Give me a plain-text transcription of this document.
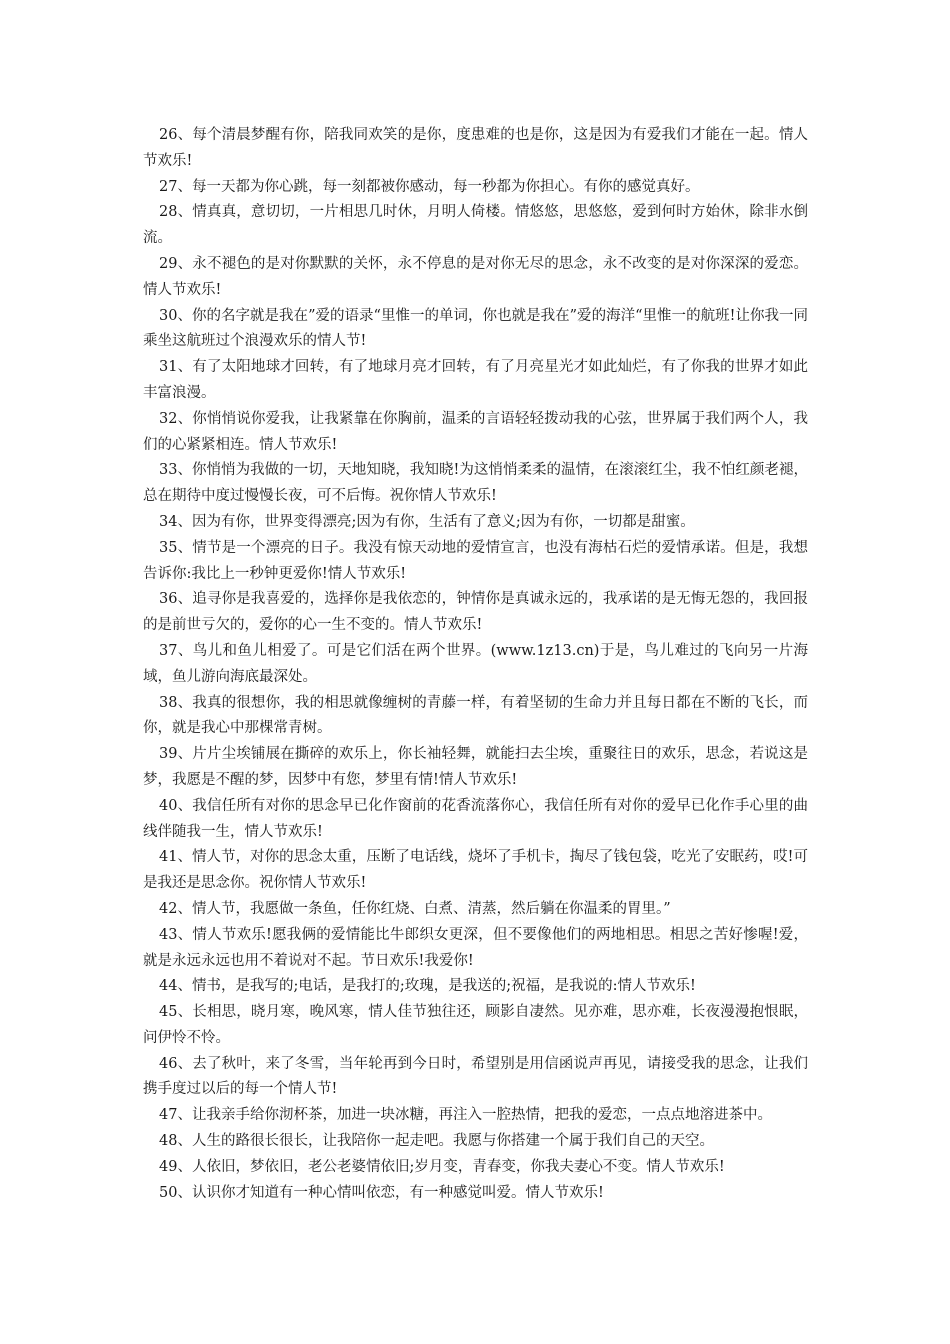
26、每个清晨梦醒有你，陪我同欢笑的是你，度患难的也是你，这是因为有爱我们才能在一起。情人节欢乐!

27、每一天都为你心跳，每一刻都被你感动，每一秒都为你担心。有你的感觉真好。

28、情真真，意切切，一片相思几时休，月明人倚楼。情悠悠，思悠悠，爱到何时方始休，除非水倒流。

29、永不褪色的是对你默默的关怀，永不停息的是对你无尽的思念，永不改变的是对你深深的爱恋。情人节欢乐!

30、你的名字就是我在”爱的语录“里惟一的单词，你也就是我在”爱的海洋“里惟一的航班!让你我一同乘坐这航班过个浪漫欢乐的情人节!

31、有了太阳地球才回转，有了地球月亮才回转，有了月亮星光才如此灿烂，有了你我的世界才如此丰富浪漫。

32、你悄悄说你爱我，让我紧靠在你胸前，温柔的言语轻轻拨动我的心弦，世界属于我们两个人，我们的心紧紧相连。情人节欢乐!

33、你悄悄为我做的一切，天地知晓，我知晓!为这悄悄柔柔的温情，在滚滚红尘，我不怕红颜老褪，总在期待中度过慢慢长夜，可不后悔。祝你情人节欢乐!

34、因为有你，世界变得漂亮;因为有你，生活有了意义;因为有你，一切都是甜蜜。

35、情节是一个漂亮的日子。我没有惊天动地的爱情宣言，也没有海枯石烂的爱情承诺。但是，我想告诉你:我比上一秒钟更爱你!情人节欢乐!

36、追寻你是我喜爱的，选择你是我依恋的，钟情你是真诚永远的，我承诺的是无悔无怨的，我回报的是前世亏欠的，爱你的心一生不变的。情人节欢乐!

37、鸟儿和鱼儿相爱了。可是它们活在两个世界。(www.1z13.cn)于是，鸟儿难过的飞向另一片海域，鱼儿游向海底最深处。

38、我真的很想你，我的相思就像缠树的青藤一样，有着坚韧的生命力并且每日都在不断的飞长，而你，就是我心中那棵常青树。

39、片片尘埃铺展在撕碎的欢乐上，你长袖轻舞，就能扫去尘埃，重聚往日的欢乐，思念，若说这是梦，我愿是不醒的梦，因梦中有您，梦里有情!情人节欢乐!

40、我信任所有对你的思念早已化作窗前的花香流落你心，我信任所有对你的爱早已化作手心里的曲线伴随我一生，情人节欢乐!

41、情人节，对你的思念太重，压断了电话线，烧坏了手机卡，掏尽了钱包袋，吃光了安眠药，哎!可是我还是思念你。祝你情人节欢乐!

42、情人节，我愿做一条鱼，任你红烧、白煮、清蒸，然后躺在你温柔的胃里。”

43、情人节欢乐!愿我俩的爱情能比牛郎织女更深，但不要像他们的两地相思。相思之苦好惨喔!爱，就是永远永远也用不着说对不起。节日欢乐!我爱你!

44、情书，是我写的;电话，是我打的;玫瑰，是我送的;祝福，是我说的:情人节欢乐!

45、长相思，晓月寒，晚风寒，情人佳节独往还，顾影自凄然。见亦难，思亦难，长夜漫漫抱恨眠，问伊怜不怜。

46、去了秋叶，来了冬雪，当年轮再到今日时，希望别是用信函说声再见，请接受我的思念，让我们携手度过以后的每一个情人节!

47、让我亲手给你沏杯茶，加进一块冰糖，再注入一腔热情，把我的爱恋，一点点地溶进茶中。

48、人生的路很长很长，让我陪你一起走吧。我愿与你搭建一个属于我们自己的天空。

49、人依旧，梦依旧，老公老婆情依旧;岁月变，青春变，你我夫妻心不变。情人节欢乐!

50、认识你才知道有一种心情叫依恋，有一种感觉叫爱。情人节欢乐!
